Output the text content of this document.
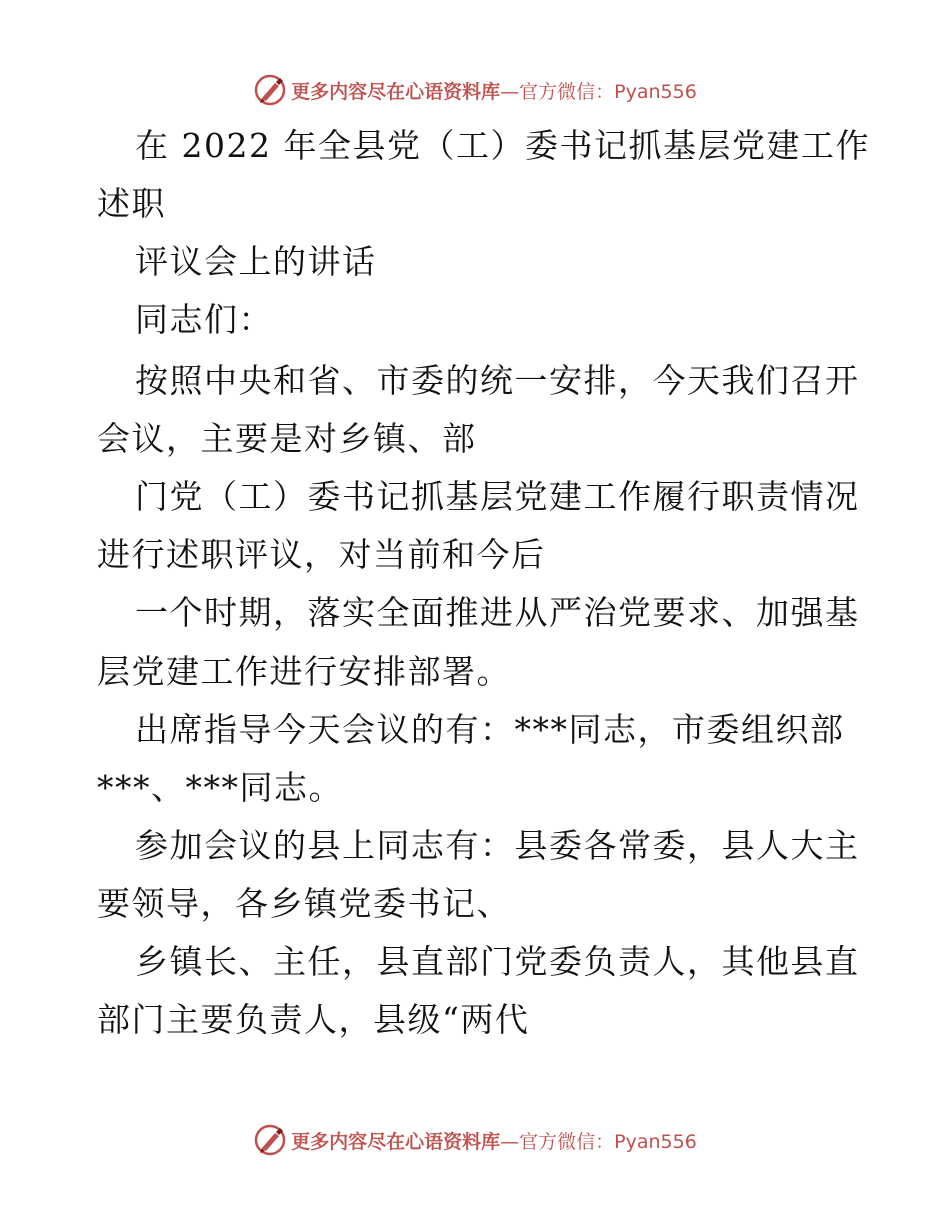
更多内容尽在心语资料库—官方微信：Pyan556
在 2022 年全县党（工）委书记抓基层党建工作
述职
评议会上的讲话
同志们：
按照中央和省、市委的统一安排，今天我们召开
会议，主要是对乡镇、部
门党（工）委书记抓基层党建工作履行职责情况
进行述职评议，对当前和今后
一个时期，落实全面推进从严治党要求、加强基
层党建工作进行安排部署。
出席指导今天会议的有：***同志，市委组织部
***、***同志。
参加会议的县上同志有：县委各常委，县人大主
要领导，各乡镇党委书记、
乡镇长、主任，县直部门党委负责人，其他县直
部门主要负责人，县级“两代
更多内容尽在心语资料库—官方微信：Pyan556
